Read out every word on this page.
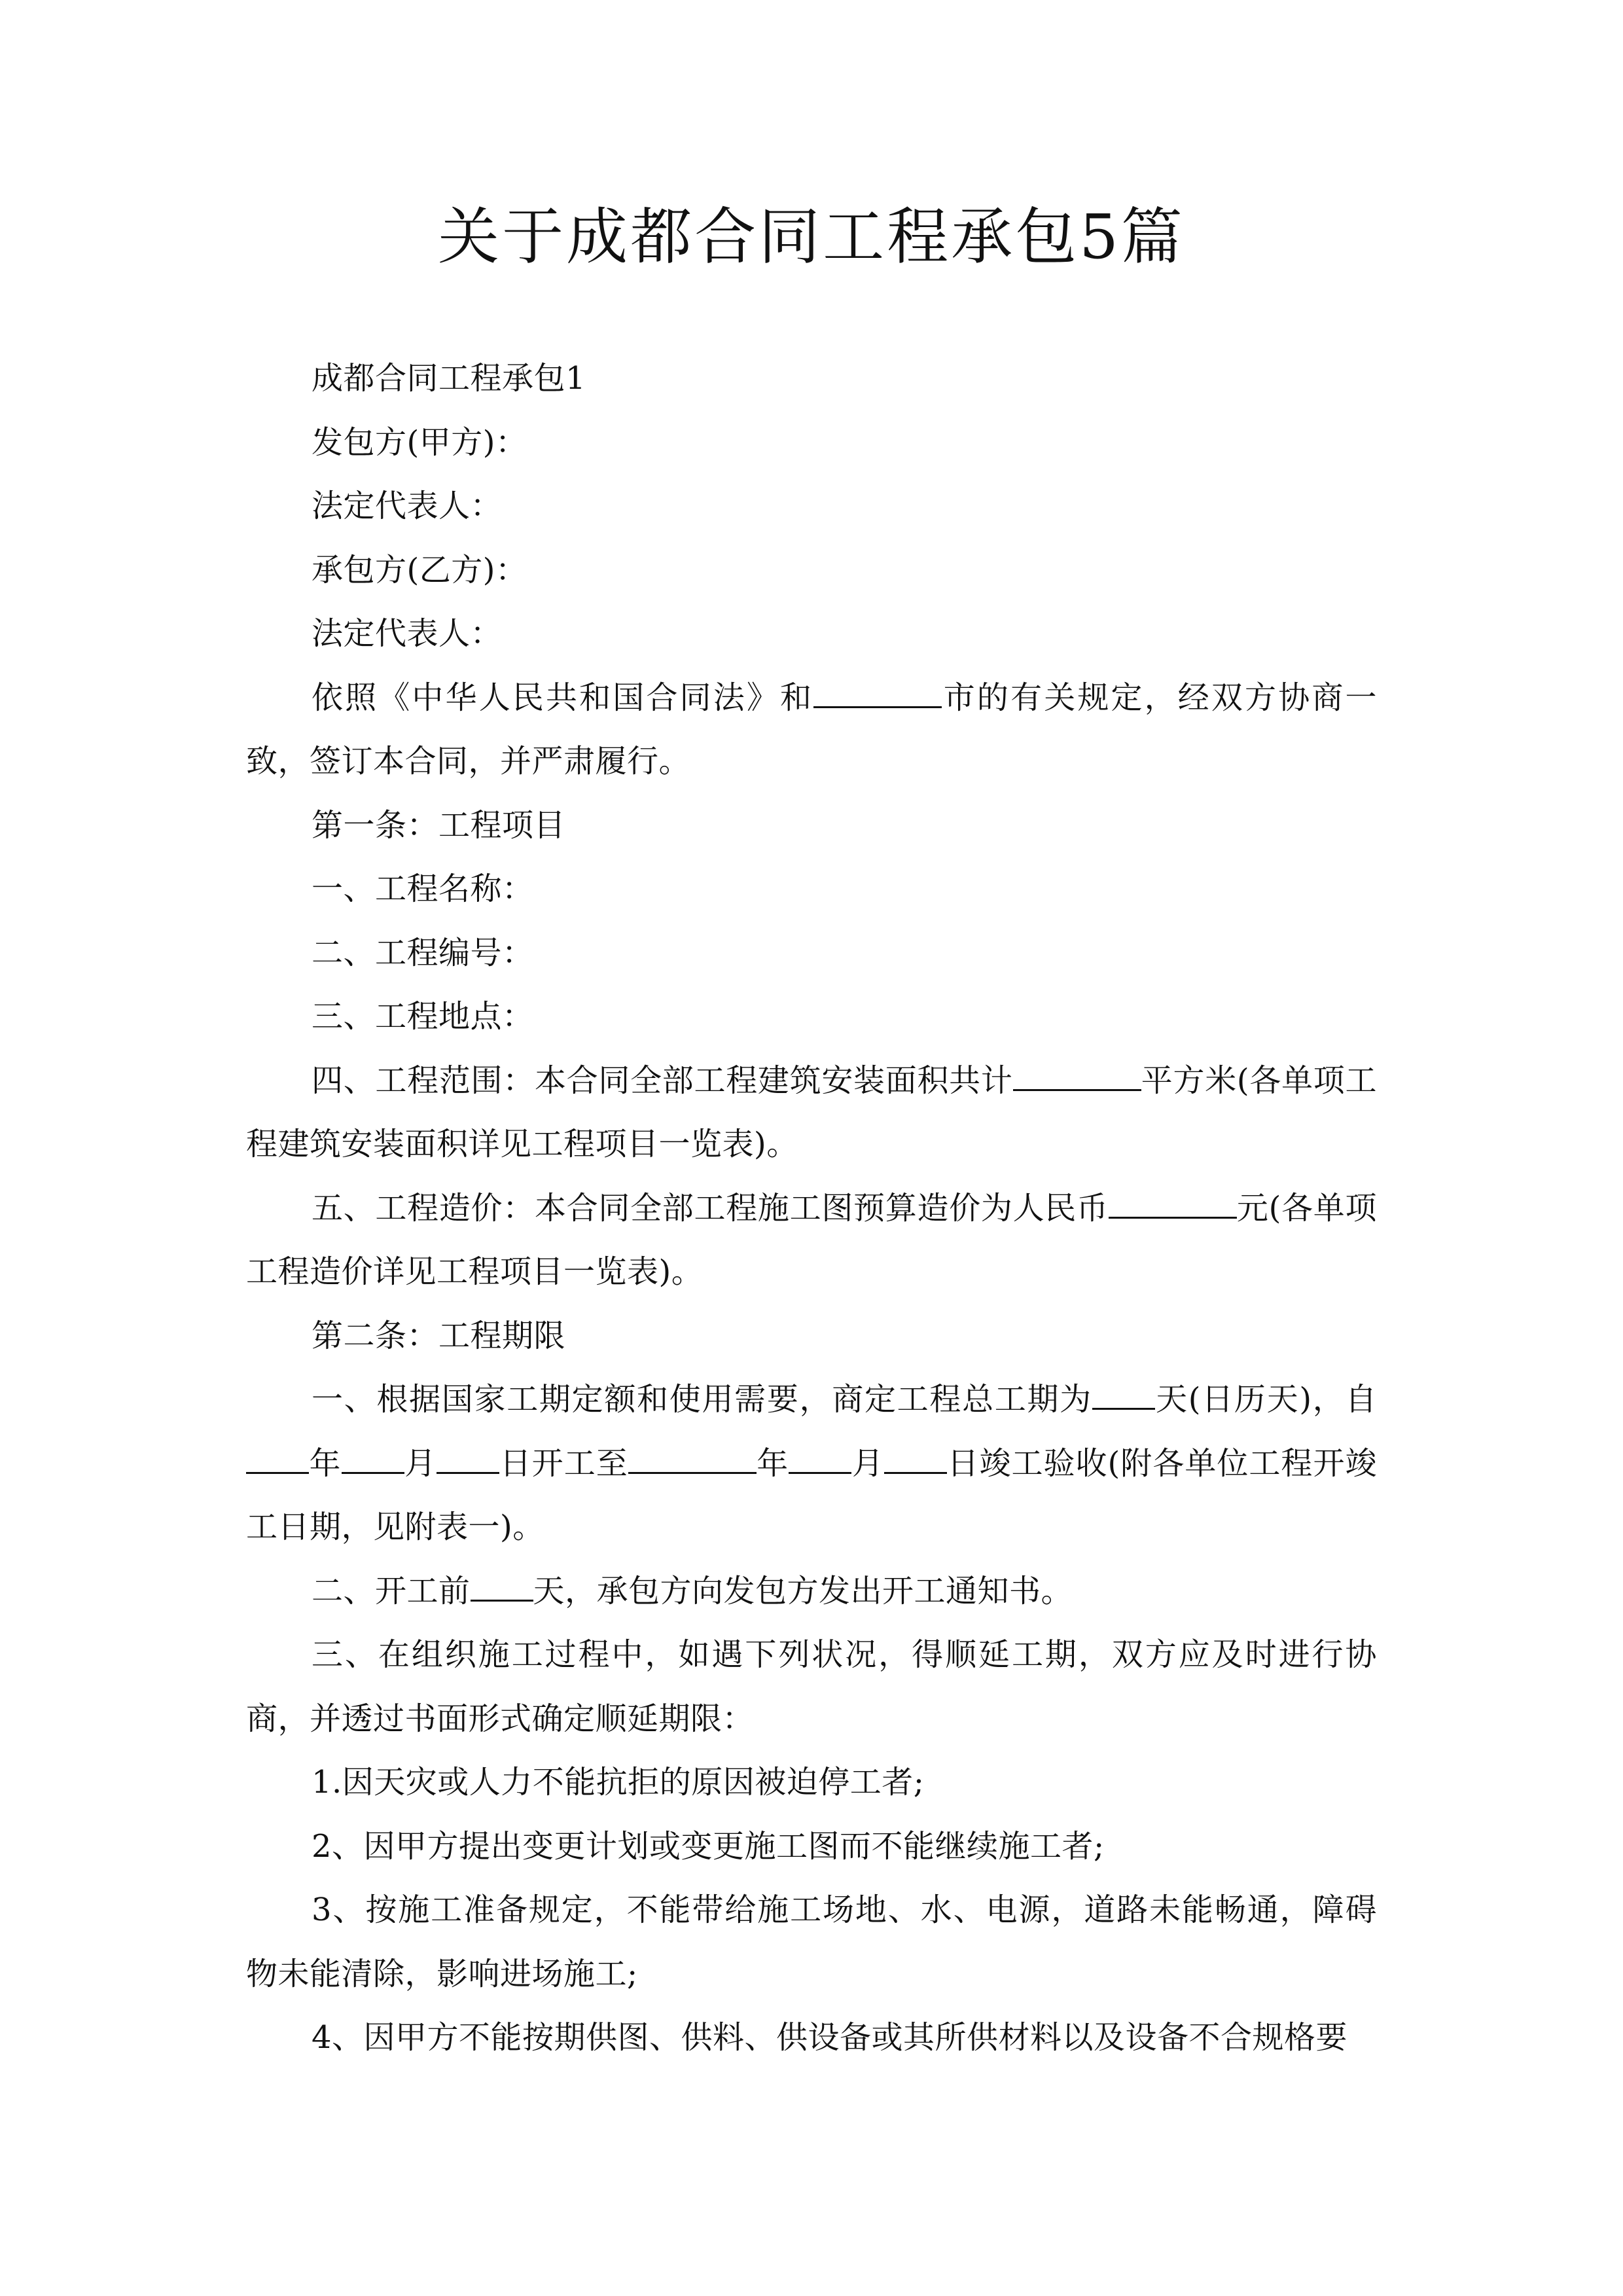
关于成都合同工程承包5篇

成都合同工程承包1

发包方(甲方)：

法定代表人：

承包方(乙方)：

法定代表人：

依照《中华人民共和国合同法》和	市的有关规定，经双方协商一致，签订本合同，并严肃履行。

第一条：工程项目

一、工程名称：

二、工程编号：

三、工程地点：

四、工程范围：本合同全部工程建筑安装面积共计	平方米(各单项工程建筑安装面积详见工程项目一览表)。

五、工程造价：本合同全部工程施工图预算造价为人民币	元(各单项工程造价详见工程项目一览表)。

第二条：工程期限

一、根据国家工期定额和使用需要，商定工程总工期为 天(日历天)，自年 月 日开工至	年 月 日竣工验收(附各单位工程开竣工日期，见附表一)。

二、开工前 天，承包方向发包方发出开工通知书。

三、在组织施工过程中，如遇下列状况，得顺延工期，双方应及时进行协商，并透过书面形式确定顺延期限：

1.因天灾或人力不能抗拒的原因被迫停工者;

2、因甲方提出变更计划或变更施工图而不能继续施工者;

3、按施工准备规定，不能带给施工场地、水、电源，道路未能畅通，障碍物未能清除，影响进场施工;

4、因甲方不能按期供图、供料、供设备或其所供材料以及设备不合规格要
